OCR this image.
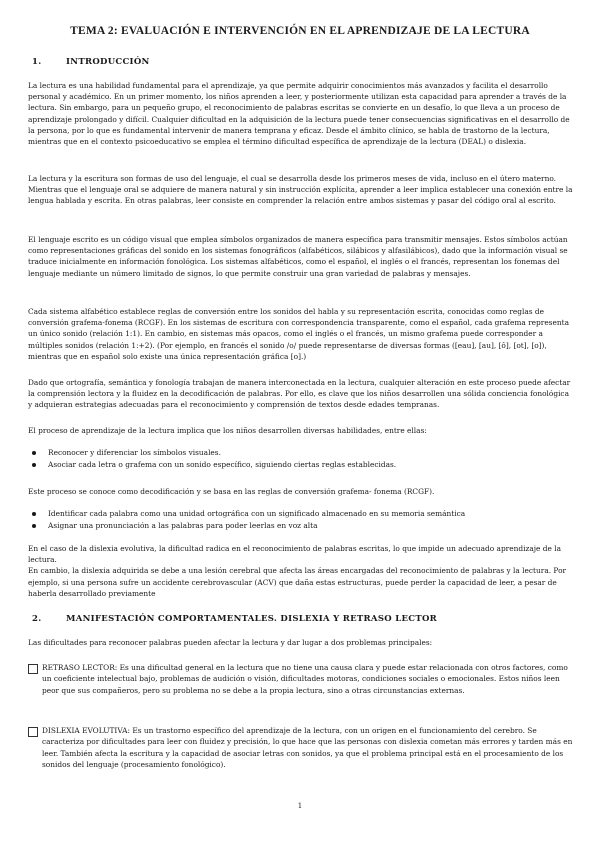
TEMA 2: EVALUACIÓN E INTERVENCIÓN EN EL APRENDIZAJE DE LA LECTURA
1.	INTRODUCCIÓN

La lectura es una habilidad fundamental para el aprendizaje, ya que permite adquirir conocimientos más avanzados y facilita el desarrollo personal y académico. En un primer momento, los niños aprenden a leer, y posteriormente utilizan esta capacidad para aprender a través de la lectura. Sin embargo, para un pequeño grupo, el reconocimiento de palabras escritas se convierte en un desafío, lo que lleva a un proceso de aprendizaje prolongado y difícil. Cualquier dificultad en la adquisición de la lectura puede tener consecuencias significativas en el desarrollo de la persona, por lo que es fundamental intervenir de manera temprana y eficaz. Desde el ámbito clínico, se habla de trastorno de la lectura, mientras que en el contexto psicoeducativo se emplea el término dificultad específica de aprendizaje de la lectura (DEAL) o dislexia.

La lectura y la escritura son formas de uso del lenguaje, el cual se desarrolla desde los primeros meses de vida, incluso en el útero materno. Mientras que el lenguaje oral se adquiere de manera natural y sin instrucción explícita, aprender a leer implica establecer una conexión entre la lengua hablada y escrita. En otras palabras, leer consiste en comprender la relación entre ambos sistemas y pasar del código oral al escrito.

El lenguaje escrito es un código visual que emplea símbolos organizados de manera específica para transmitir mensajes. Estos símbolos actúan como representaciones gráficas del sonido en los sistemas fonográficos (alfabéticos, silábicos y alfasilábicos), dado que la información visual se traduce inicialmente en información fonológica. Los sistemas alfabéticos, como el español, el inglés o el francés, representan los fonemas del lenguaje mediante un número limitado de signos, lo que permite construir una gran variedad de palabras y mensajes.

Cada sistema alfabético establece reglas de conversión entre los sonidos del habla y su representación escrita, conocidas como reglas de conversión grafema-fonema (RCGF). En los sistemas de escritura con correspondencia transparente, como el español, cada grafema representa un único sonido (relación 1:1). En cambio, en sistemas más opacos, como el inglés o el francés, un mismo grafema puede corresponder a múltiples sonidos (relación 1:+2). (Por ejemplo, en francés el sonido /o/ puede representarse de diversas formas ([eau], [au], [ô], [ot], [o]), mientras que en español solo existe una única representación gráfica [o].)

Dado que ortografía, semántica y fonología trabajan de manera interconectada en la lectura, cualquier alteración en este proceso puede afectar la comprensión lectora y la fluidez en la decodificación de palabras. Por ello, es clave que los niños desarrollen una sólida conciencia fonológica y adquieran estrategias adecuadas para el reconocimiento y comprensión de textos desde edades tempranas.

El proceso de aprendizaje de la lectura implica que los niños desarrollen diversas habilidades, entre ellas:

Reconocer y diferenciar los símbolos visuales.
Asociar cada letra o grafema con un sonido específico, siguiendo ciertas reglas establecidas.

Este proceso se conoce como decodificación y se basa en las reglas de conversión grafema- fonema (RCGF).

Identificar cada palabra como una unidad ortográfica con un significado almacenado en su memoria semántica
Asignar una pronunciación a las palabras para poder leerlas en voz alta

En el caso de la dislexia evolutiva, la dificultad radica en el reconocimiento de palabras escritas, lo que impide un adecuado aprendizaje de la lectura.

En cambio, la dislexia adquirida se debe a una lesión cerebral que afecta las áreas encargadas del reconocimiento de palabras y la lectura. Por ejemplo, si una persona sufre un accidente cerebrovascular (ACV) que daña estas estructuras, puede perder la capacidad de leer, a pesar de haberla desarrollado previamente

2.	MANIFESTACIÓN COMPORTAMENTALES. DISLEXIA Y RETRASO LECTOR

Las dificultades para reconocer palabras pueden afectar la lectura y dar lugar a dos problemas principales:

RETRASO LECTOR: Es una dificultad general en la lectura que no tiene una causa clara y puede estar relacionada con otros factores, como un coeficiente intelectual bajo, problemas de audición o visión, dificultades motoras, condiciones sociales o emocionales. Estos niños leen peor que sus compañeros, pero su problema no se debe a la propia lectura, sino a otras circunstancias externas.
DISLEXIA EVOLUTIVA: Es un trastorno específico del aprendizaje de la lectura, con un origen en el funcionamiento del cerebro. Se caracteriza por dificultades para leer con fluidez y precisión, lo que hace que las personas con dislexia cometan más errores y tarden más en leer. También afecta la escritura y la capacidad de asociar letras con sonidos, ya que el problema principal está en el procesamiento de los sonidos del lenguaje (procesamiento fonológico).
1
